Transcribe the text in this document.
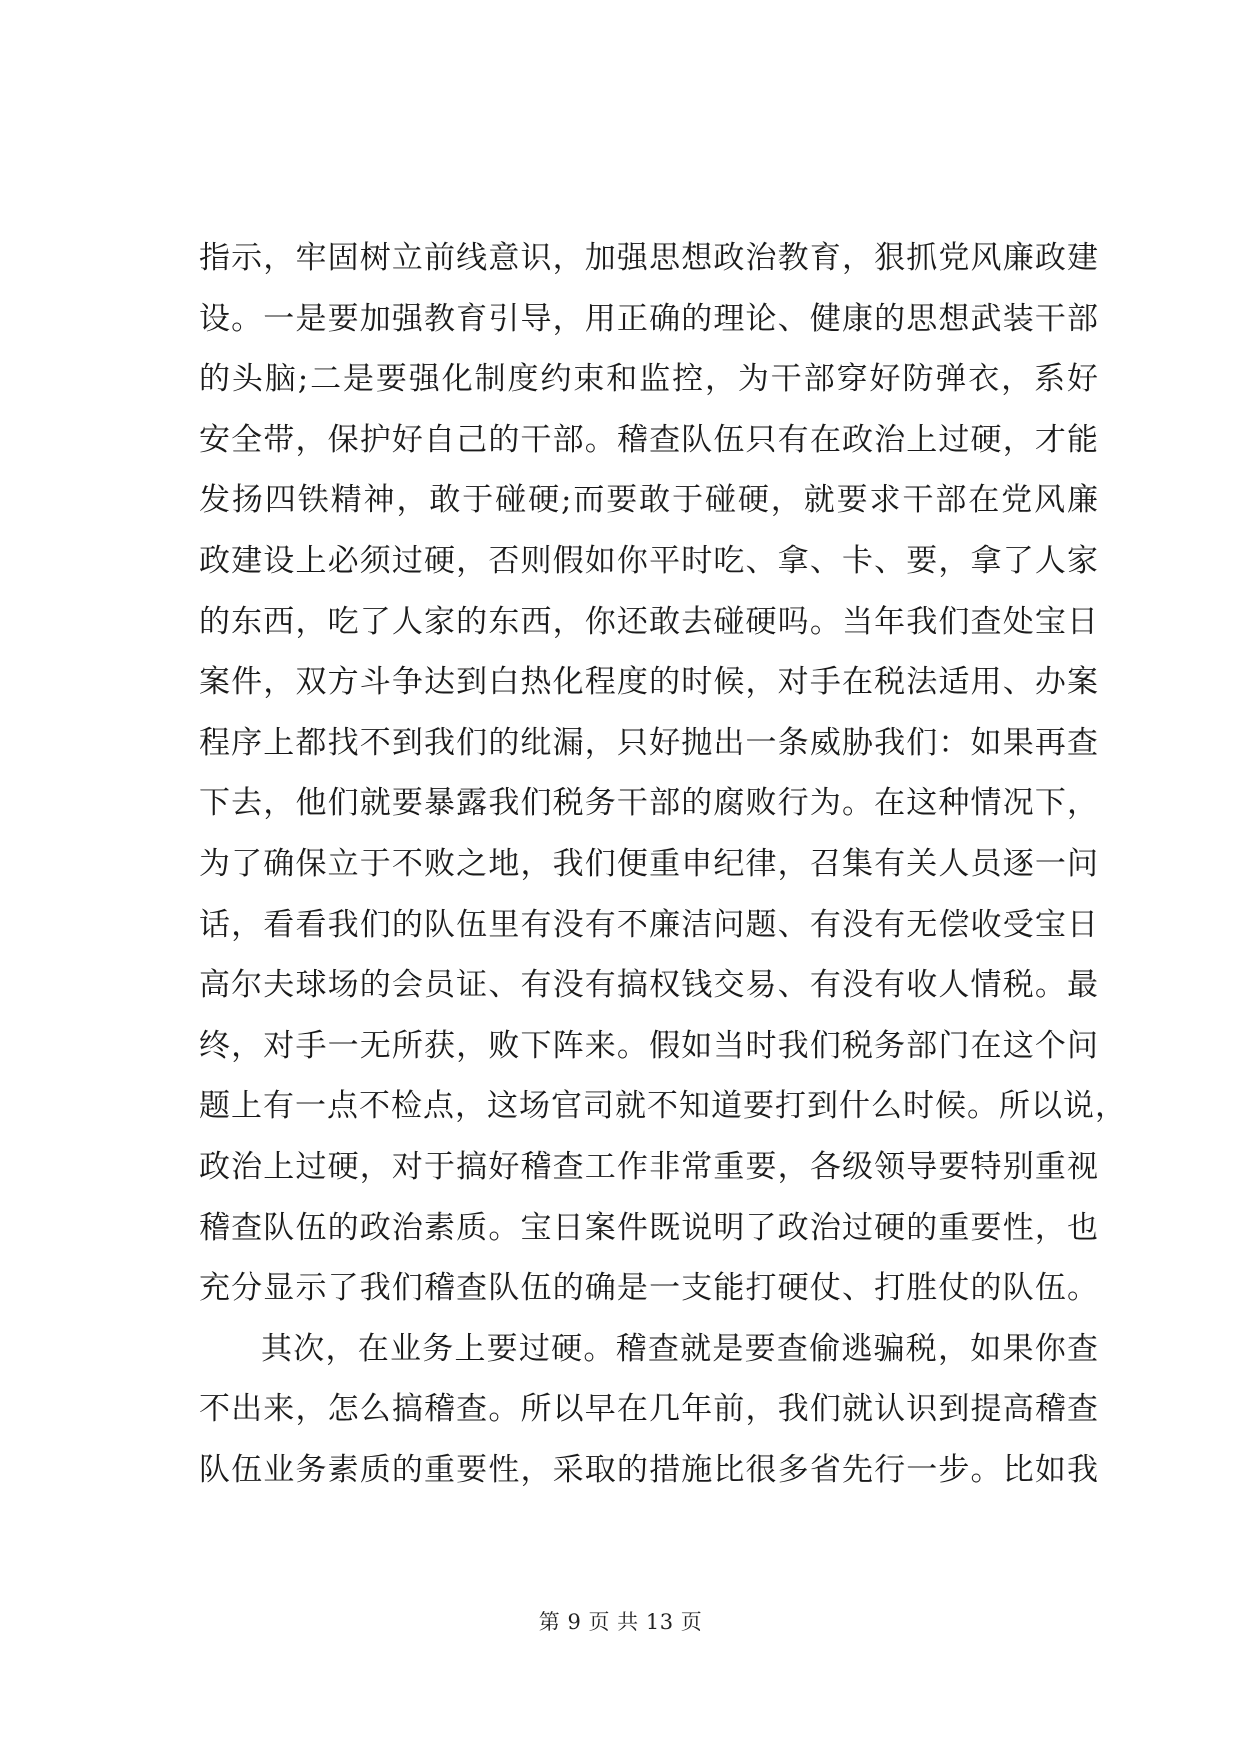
指示，牢固树立前线意识，加强思想政治教育，狠抓党风廉政建
设。一是要加强教育引导，用正确的理论、健康的思想武装干部
的头脑;二是要强化制度约束和监控，为干部穿好防弹衣，系好
安全带，保护好自己的干部。稽查队伍只有在政治上过硬，才能
发扬四铁精神，敢于碰硬;而要敢于碰硬，就要求干部在党风廉
政建设上必须过硬，否则假如你平时吃、拿、卡、要，拿了人家
的东西，吃了人家的东西，你还敢去碰硬吗。当年我们查处宝日
案件，双方斗争达到白热化程度的时候，对手在税法适用、办案
程序上都找不到我们的纰漏，只好抛出一条威胁我们：如果再查
下去，他们就要暴露我们税务干部的腐败行为。在这种情况下，
为了确保立于不败之地，我们便重申纪律，召集有关人员逐一问
话，看看我们的队伍里有没有不廉洁问题、有没有无偿收受宝日
高尔夫球场的会员证、有没有搞权钱交易、有没有收人情税。最
终，对手一无所获，败下阵来。假如当时我们税务部门在这个问
题上有一点不检点，这场官司就不知道要打到什么时候。所以说，
政治上过硬，对于搞好稽查工作非常重要，各级领导要特别重视
稽查队伍的政治素质。宝日案件既说明了政治过硬的重要性，也
充分显示了我们稽查队伍的确是一支能打硬仗、打胜仗的队伍。
其次，在业务上要过硬。稽查就是要查偷逃骗税，如果你查
不出来，怎么搞稽查。所以早在几年前，我们就认识到提高稽查
队伍业务素质的重要性，采取的措施比很多省先行一步。比如我
第 9 页 共 13 页
